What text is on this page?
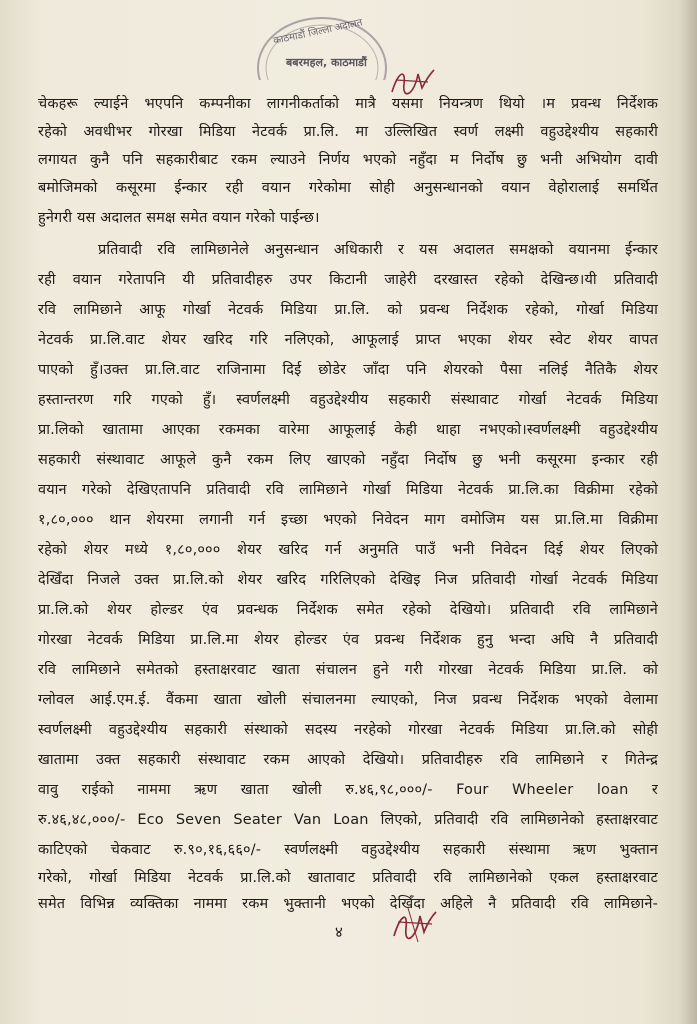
काठमाडौं जिल्ला अदालत
बबरमहल, काठमाडौं
चेकहरू ल्याईने भएपनि कम्पनीका लागनीकर्ताको मात्रै यसमा नियन्त्रण थियो ।म प्रवन्ध निर्देशक
रहेको अवधीभर गोरखा मिडिया नेटवर्क प्रा.लि. मा उल्लिखित स्वर्ण लक्ष्मी वहुउद्देश्यीय सहकारी
लगायत कुनै पनि सहकारीबाट रकम ल्याउने निर्णय भएको नहुँदा म निर्दोष छु भनी अभियोग दावी
बमोजिमको कसूरमा ईन्कार रही वयान गरेकोमा सोही अनुसन्धानको वयान वेहोरालाई समर्थित
हुनेगरी यस अदालत समक्ष समेत वयान गरेको पाईन्छ।
प्रतिवादी रवि लामिछानेले अनुसन्धान अधिकारी र यस अदालत समक्षको वयानमा ईन्कार
रही वयान गरेतापनि यी प्रतिवादीहरु उपर किटानी जाहेरी दरखास्त रहेको देखिन्छ।यी प्रतिवादी
रवि लामिछाने आफू गोर्खा नेटवर्क मिडिया प्रा.लि. को प्रवन्ध निर्देशक रहेको, गोर्खा मिडिया
नेटवर्क प्रा.लि.वाट शेयर खरिद गरि नलिएको, आफूलाई प्राप्त भएका शेयर स्वेट शेयर वापत
पाएको हुँ।उक्त प्रा.लि.वाट राजिनामा दिई छोडेर जाँदा पनि शेयरको पैसा नलिई नैतिकै शेयर
हस्तान्तरण गरि गएको हुँ। स्वर्णलक्ष्मी वहुउद्देश्यीय सहकारी संस्थावाट गोर्खा नेटवर्क मिडिया
प्रा.लिको खातामा आएका रकमका वारेमा आफूलाई केही थाहा नभएको।स्वर्णलक्ष्मी वहुउद्देश्यीय
सहकारी संस्थावाट आफूले कुनै रकम लिए खाएको नहुँदा निर्दोष छु भनी कसूरमा इन्कार रही
वयान गरेको देखिएतापनि प्रतिवादी रवि लामिछाने गोर्खा मिडिया नेटवर्क प्रा.लि.का विक्रीमा रहेको
१,८०,००० थान शेयरमा लगानी गर्न इच्छा भएको निवेदन माग वमोजिम यस प्रा.लि.मा विक्रीमा
रहेको शेयर मध्ये १,८०,००० शेयर खरिद गर्न अनुमति पाउँ भनी निवेदन दिई शेयर लिएको
देखिँदा निजले उक्त प्रा.लि.को शेयर खरिद गरिलिएको देखिइ निज प्रतिवादी गोर्खा नेटवर्क मिडिया
प्रा.लि.को शेयर होल्डर एंव प्रवन्धक निर्देशक समेत रहेको देखियो। प्रतिवादी रवि लामिछाने
गोरखा नेटवर्क मिडिया प्रा.लि.मा शेयर होल्डर एंव प्रवन्ध निर्देशक हुनु भन्दा अघि नै प्रतिवादी
रवि लामिछाने समेतको हस्ताक्षरवाट खाता संचालन हुने गरी गोरखा नेटवर्क मिडिया प्रा.लि. को
ग्लोवल आई.एम.ई. वैंकमा खाता खोली संचालनमा ल्याएको, निज प्रवन्ध निर्देशक भएको वेलामा
स्वर्णलक्ष्मी वहुउद्देश्यीय सहकारी संस्थाको सदस्य नरहेको गोरखा नेटवर्क मिडिया प्रा.लि.को सोही
खातामा उक्त सहकारी संस्थावाट रकम आएको देखियो। प्रतिवादीहरु रवि लामिछाने र गितेन्द्र
वावु राईको नाममा ऋण खाता खोली रु.४६,९८,०००/- Four Wheeler loan र
रु.४६,४८,०००/- Eco Seven Seater Van Loan लिएको, प्रतिवादी रवि लामिछानेको हस्ताक्षरवाट
काटिएको चेकवाट रु.९०,१६,६६०/- स्वर्णलक्ष्मी वहुउद्देश्यीय सहकारी संस्थामा ऋण भुक्तान
गरेको, गोर्खा मिडिया नेटवर्क प्रा.लि.को खातावाट प्रतिवादी रवि लामिछानेको एकल हस्ताक्षरवाट
समेत विभिन्न व्यक्तिका नाममा रकम भुक्तानी भएको देखिँदा अहिले नै प्रतिवादी रवि लामिछाने-
४
